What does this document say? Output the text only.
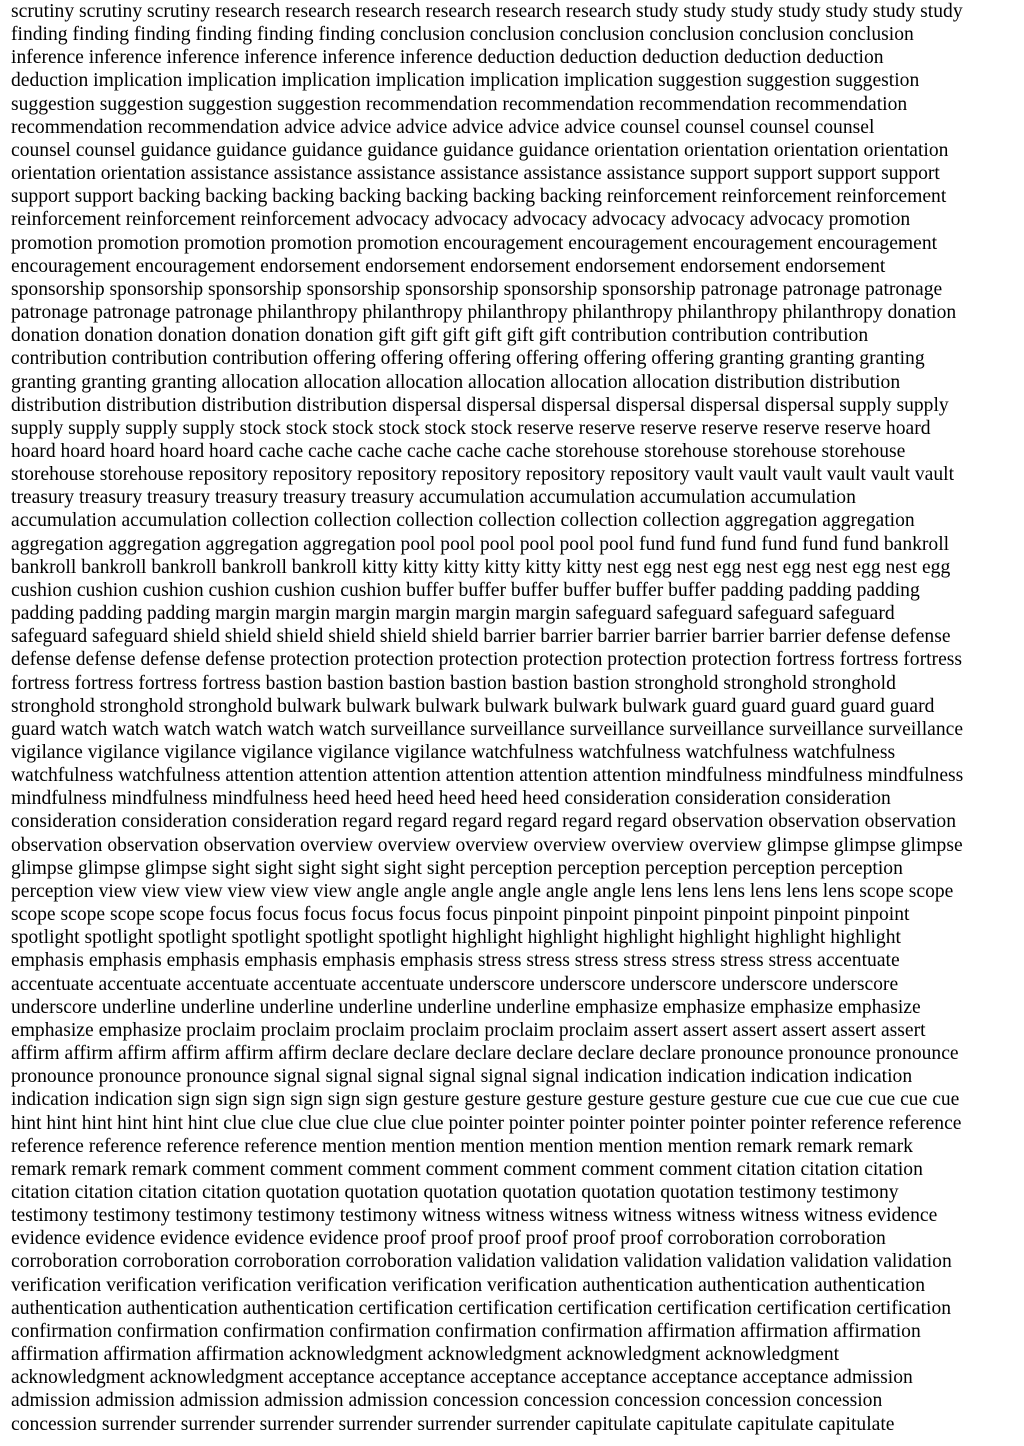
scrutiny scrutiny scrutiny research research research research research research study study study study study study study
finding finding finding finding finding finding conclusion conclusion conclusion conclusion conclusion conclusion
inference inference inference inference inference inference deduction deduction deduction deduction deduction
deduction implication implication implication implication implication implication suggestion suggestion suggestion
suggestion suggestion suggestion suggestion recommendation recommendation recommendation recommendation
recommendation recommendation advice advice advice advice advice advice counsel counsel counsel counsel
counsel counsel guidance guidance guidance guidance guidance guidance orientation orientation orientation orientation
orientation orientation assistance assistance assistance assistance assistance assistance support support support support
support support backing backing backing backing backing backing backing reinforcement reinforcement reinforcement
reinforcement reinforcement reinforcement advocacy advocacy advocacy advocacy advocacy advocacy promotion
promotion promotion promotion promotion promotion encouragement encouragement encouragement encouragement
encouragement encouragement endorsement endorsement endorsement endorsement endorsement endorsement
sponsorship sponsorship sponsorship sponsorship sponsorship sponsorship sponsorship patronage patronage patronage
patronage patronage patronage philanthropy philanthropy philanthropy philanthropy philanthropy philanthropy donation
donation donation donation donation donation gift gift gift gift gift gift contribution contribution contribution
contribution contribution contribution offering offering offering offering offering offering granting granting granting
granting granting granting allocation allocation allocation allocation allocation allocation distribution distribution
distribution distribution distribution distribution dispersal dispersal dispersal dispersal dispersal dispersal supply supply
supply supply supply supply stock stock stock stock stock stock reserve reserve reserve reserve reserve reserve hoard
hoard hoard hoard hoard hoard cache cache cache cache cache cache storehouse storehouse storehouse storehouse
storehouse storehouse repository repository repository repository repository repository vault vault vault vault vault vault
treasury treasury treasury treasury treasury treasury accumulation accumulation accumulation accumulation
accumulation accumulation collection collection collection collection collection collection aggregation aggregation
aggregation aggregation aggregation aggregation pool pool pool pool pool pool fund fund fund fund fund fund bankroll
bankroll bankroll bankroll bankroll bankroll kitty kitty kitty kitty kitty kitty nest egg nest egg nest egg nest egg nest egg
cushion cushion cushion cushion cushion cushion buffer buffer buffer buffer buffer buffer padding padding padding
padding padding padding margin margin margin margin margin margin safeguard safeguard safeguard safeguard
safeguard safeguard shield shield shield shield shield shield barrier barrier barrier barrier barrier barrier defense defense
defense defense defense defense protection protection protection protection protection protection fortress fortress fortress
fortress fortress fortress fortress bastion bastion bastion bastion bastion bastion stronghold stronghold stronghold
stronghold stronghold stronghold bulwark bulwark bulwark bulwark bulwark bulwark guard guard guard guard guard
guard watch watch watch watch watch watch surveillance surveillance surveillance surveillance surveillance surveillance
vigilance vigilance vigilance vigilance vigilance vigilance watchfulness watchfulness watchfulness watchfulness
watchfulness watchfulness attention attention attention attention attention attention mindfulness mindfulness mindfulness
mindfulness mindfulness mindfulness heed heed heed heed heed heed consideration consideration consideration
consideration consideration consideration regard regard regard regard regard regard observation observation observation
observation observation observation overview overview overview overview overview overview glimpse glimpse glimpse
glimpse glimpse glimpse sight sight sight sight sight sight perception perception perception perception perception
perception view view view view view view angle angle angle angle angle angle lens lens lens lens lens lens scope scope
scope scope scope scope focus focus focus focus focus focus pinpoint pinpoint pinpoint pinpoint pinpoint pinpoint
spotlight spotlight spotlight spotlight spotlight spotlight highlight highlight highlight highlight highlight highlight
emphasis emphasis emphasis emphasis emphasis emphasis stress stress stress stress stress stress stress accentuate
accentuate accentuate accentuate accentuate accentuate underscore underscore underscore underscore underscore
underscore underline underline underline underline underline underline emphasize emphasize emphasize emphasize
emphasize emphasize proclaim proclaim proclaim proclaim proclaim proclaim assert assert assert assert assert assert
affirm affirm affirm affirm affirm affirm declare declare declare declare declare declare pronounce pronounce pronounce
pronounce pronounce pronounce signal signal signal signal signal signal indication indication indication indication
indication indication sign sign sign sign sign sign gesture gesture gesture gesture gesture gesture cue cue cue cue cue cue
hint hint hint hint hint hint clue clue clue clue clue clue pointer pointer pointer pointer pointer pointer reference reference
reference reference reference reference mention mention mention mention mention mention remark remark remark
remark remark remark comment comment comment comment comment comment comment citation citation citation
citation citation citation citation quotation quotation quotation quotation quotation quotation testimony testimony
testimony testimony testimony testimony testimony witness witness witness witness witness witness witness evidence
evidence evidence evidence evidence evidence proof proof proof proof proof proof corroboration corroboration
corroboration corroboration corroboration corroboration validation validation validation validation validation validation
verification verification verification verification verification verification authentication authentication authentication
authentication authentication authentication certification certification certification certification certification certification
confirmation confirmation confirmation confirmation confirmation confirmation affirmation affirmation affirmation
affirmation affirmation affirmation acknowledgment acknowledgment acknowledgment acknowledgment
acknowledgment acknowledgment acceptance acceptance acceptance acceptance acceptance acceptance admission
admission admission admission admission admission concession concession concession concession concession
concession surrender surrender surrender surrender surrender surrender capitulate capitulate capitulate capitulate
